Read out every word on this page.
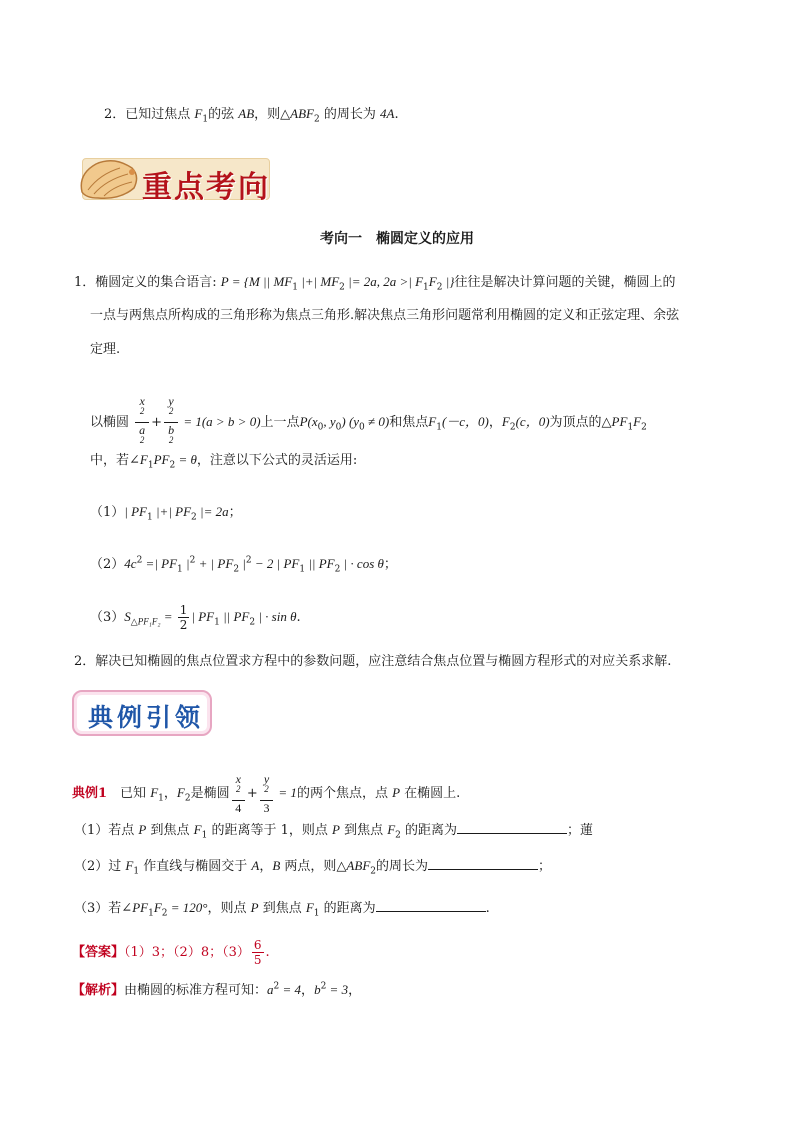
2．已知过焦点 $F_1$的弦 AB，则$\triangle ABF_2$ 的周长为 4A.
重点考向
考向一　椭圆定义的应用
1．椭圆定义的集合语言: P = {M || $MF_1$ |+| $MF_2$ |= 2a, 2a >| $F_1F_2$ |}往往是解决计算问题的关键，椭圆上的
一点与两焦点所构成的三角形称为焦点三角形.解决焦点三角形问题常利用椭圆的定义和正弦定理、余弦
定理.
以椭圆 x
$^2$
a
$^2$ + y
$^2$
b
$^2$ = 1(a > b > 0)上一点$P(x_0$, $y_0$) $(y_0 \ne 0)$和焦点$F_1(-c$，0)，$F_2(c$，0)为顶点的$\triangle PF_1F_2$
中，若$\angle F_1PF_2 = \theta$，注意以下公式的灵活运用:
（1）| $PF_1$ |+| $PF_2$ |= 2a；
$(2)4c^2$ =| $PF_1$ $|^2$ + | $PF_2$ $|^2 - 2$ | $PF_1$ || $PF_2$ | · cos θ；
$(3)S_{\triangle PF_1F_2} = \frac{1}{2}$ | $PF_1$ || $PF_2$ | · sin θ.
2．解决已知椭圆的焦点位置求方程中的参数问题，应注意结合焦点位置与椭圆方程形式的对应关系求解.
典例引领
典例1　已知 $F_1$，$F_2$是椭圆 x
$^2$
4 + y
$^2$
3 = 1的两个焦点，点 P 在椭圆上.
（1）若点 P 到焦点 $F_1$ 的距离等于 1，则点 P 到焦点 $F_2$ 的距离为	；蓮
（2）过 $F_1$ 作直线与椭圆交于 A，B 两点，则$\triangle ABF_2$的周长为	；
（3）若$\angle PF_1F_2 = 120^\circ$，则点 P 到焦点 $F_1$ 的距离为	.
【答案】（1）3；（2）8；$(3) \frac{6}{5}$ .
【解析】由椭圆的标准方程可知：$a^2 = 4$，$b^2 = 3$，
